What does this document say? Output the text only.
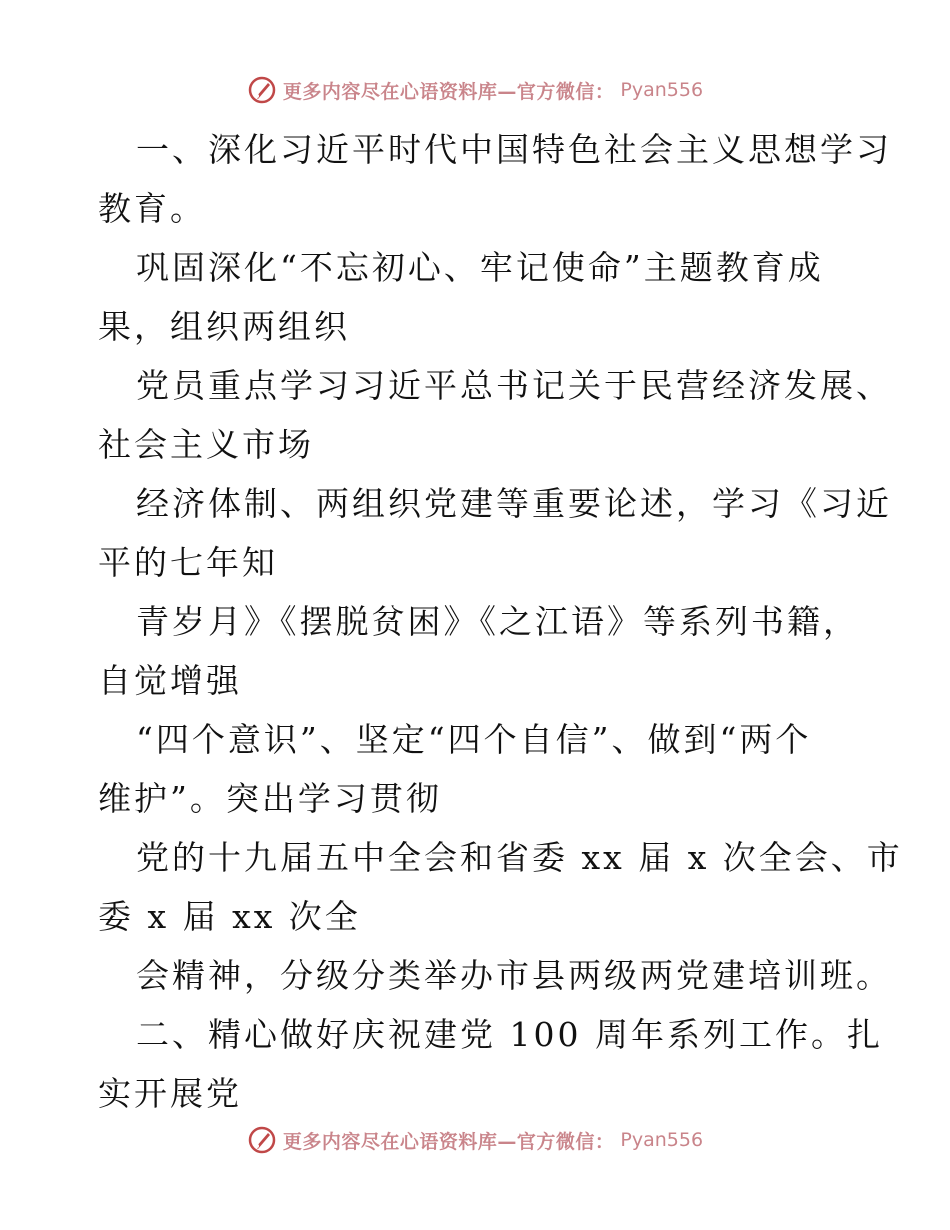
更多内容尽在心语资料库—官方微信： Pyan556
一、深化习近平时代中国特色社会主义思想学习
教育。
巩固深化“不忘初心、牢记使命”主题教育成
果，组织两组织
党员重点学习习近平总书记关于民营经济发展、
社会主义市场
经济体制、两组织党建等重要论述，学习《习近
平的七年知
青岁月》《摆脱贫困》《之江语》等系列书籍，
自觉增强
“四个意识”、坚定“四个自信”、做到“两个
维护”。突出学习贯彻
党的十九届五中全会和省委 xx 届 x 次全会、市
委 x 届 xx 次全
会精神，分级分类举办市县两级两党建培训班。
二、精心做好庆祝建党 100 周年系列工作。扎
实开展党
更多内容尽在心语资料库—官方微信： Pyan556
